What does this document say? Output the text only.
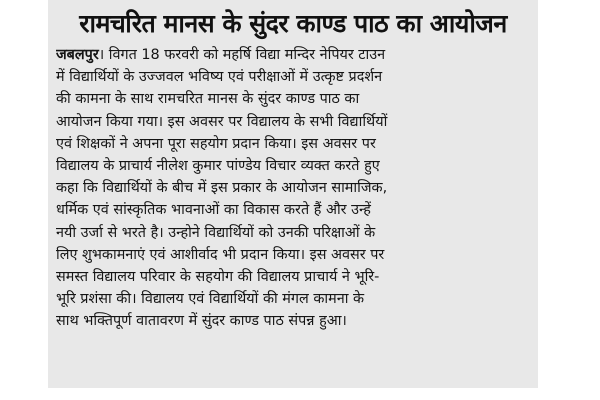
रामचरित मानस के सुंदर काण्ड पाठ का आयोजन
जबलपुर। विगत 18 फरवरी को महर्षि विद्या मन्दिर नेपियर टाउन
में विद्यार्थियों के उज्जवल भविष्य एवं परीक्षाओं में उत्कृष्ट प्रदर्शन
की कामना के साथ रामचरित मानस के सुंदर काण्ड पाठ का
आयोजन किया गया। इस अवसर पर विद्यालय के सभी विद्यार्थियों
एवं शिक्षकों ने अपना पूरा सहयोग प्रदान किया। इस अवसर पर
विद्यालय के प्राचार्य नीलेश कुमार पांण्डेय विचार व्यक्त करते हुए
कहा कि विद्यार्थियों के बीच में इस प्रकार के आयोजन सामाजिक,
धर्मिक एवं सांस्कृतिक भावनाओं का विकास करते हैं और उन्हें
नयी उर्जा से भरते है। उन्होने विद्यार्थियों को उनकी परिक्षाओं के
लिए शुभकामनाएं एवं आशीर्वाद भी प्रदान किया। इस अवसर पर
समस्त विद्यालय परिवार के सहयोग की विद्यालय प्राचार्य ने भूरि-
भूरि प्रशंसा की। विद्यालय एवं विद्यार्थियों की मंगल कामना के
साथ भक्तिपूर्ण वातावरण में सुंदर काण्ड पाठ संपन्न हुआ।
